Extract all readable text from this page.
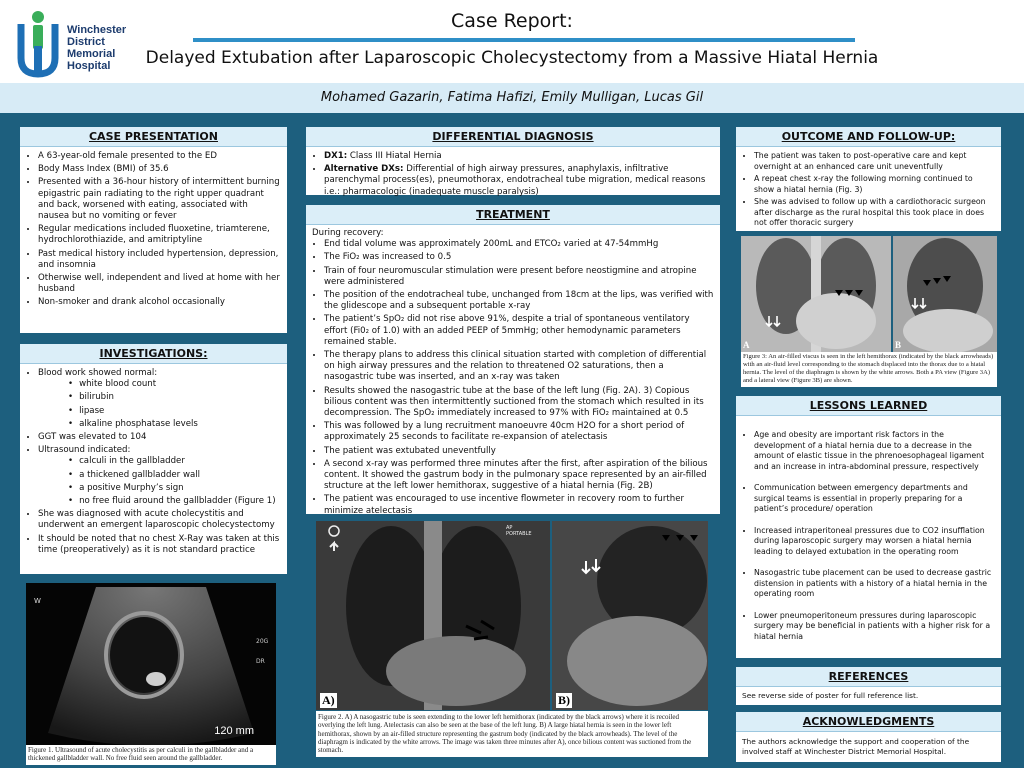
Winchester
District
Memorial
Hospital
Case Report:
Delayed Extubation after Laparoscopic Cholecystectomy from a Massive Hiatal Hernia
Mohamed Gazarin, Fatima Hafizi, Emily Mulligan, Lucas Gil
CASE PRESENTATION
• A 63-year-old female presented to the ED
• Body Mass Index (BMI) of 35.6
• Presented with a 36-hour history of intermittent burning epigastric pain radiating to the right upper quadrant and back, worsened with eating, associated with nausea but no vomiting or fever
• Regular medications included fluoxetine, triamterene, hydrochlorothiazide, and amitriptyline
• Past medical history included hypertension, depression, and insomnia
• Otherwise well, independent and lived at home with her husband
• Non-smoker and drank alcohol occasionally
INVESTIGATIONS:
• Blood work showed normal:
• white blood count
• bilirubin
• lipase
• alkaline phosphatase levels
• GGT was elevated to 104
• Ultrasound indicated:
• calculi in the gallbladder
• a thickened gallbladder wall
• a positive Murphy’s sign
• no free fluid around the gallbladder (Figure 1)
• She was diagnosed with acute cholecystitis and underwent an emergent laparoscopic cholecystectomy
• It should be noted that no chest X-Ray was taken at this time (preoperatively) as it is not standard practice
W
20G
DR
120 mm
Figure 1. Ultrasound of acute cholecystitis as per calculi in the gallbladder and a thickened gallbladder wall. No free fluid seen around the gallbladder.
DIFFERENTIAL DIAGNOSIS
• DX1: Class III Hiatal Hernia
• Alternative DXs: Differential of high airway pressures, anaphylaxis, infiltrative parenchymal process(es), pneumothorax, endotracheal tube migration, medical reasons i.e.: pharmacologic (inadequate muscle paralysis)
TREATMENT
During recovery:
• End tidal volume was approximately 200mL and ETCO₂ varied at 47-54mmHg
• The FiO₂ was increased to 0.5
• Train of four neuromuscular stimulation were present before neostigmine and atropine were administered
• The position of the endotracheal tube, unchanged from 18cm at the lips, was verified with the glidescope and a subsequent portable x-ray
• The patient’s SpO₂ did not rise above 91%, despite a trial of spontaneous ventilatory effort (Fi0₂ of 1.0) with an added PEEP of 5mmHg; other hemodynamic parameters remained stable.
• The therapy plans to address this clinical situation started with completion of differential on high airway pressures and the relation to threatened O2 saturations, then a nasogastric tube was inserted, and an x-ray was taken
• Results showed the nasogastric tube at the base of the left lung (Fig. 2A). 3) Copious bilious content was then intermittently suctioned from the stomach which resulted in its decompression. The SpO₂ immediately increased to 97% with FiO₂ maintained at 0.5
• This was followed by a lung recruitment manoeuvre 40cm H2O for a short period of approximately 25 seconds to facilitate re-expansion of atelectasis
• The patient was extubated uneventfully
• A second x-ray was performed three minutes after the first, after aspiration of the bilious content. It showed the gastrum body in the pulmonary space represented by an air-filled structure at the left lower hemithorax, suggestive of a hiatal hernia (Fig. 2B)
• The patient was encouraged to use incentive flowmeter in recovery room to further minimize atelectasis
AP
PORTABLE
A)	B)
Figure 2. A) A nasogastric tube is seen extending to the lower left hemithorax (indicated by the black arrows) where it is recoiled overlying the left lung. Atelectasis can also be seen at the base of the left lung. B) A large hiatal hernia is seen in the lower left hemithorax, shown by an air-filled structure representing the gastrum body (indicated by the black arrowheads). The level of the diaphragm is indicated by the white arrows. The image was taken three minutes after A), once bilious content was suctioned from the stomach.
OUTCOME AND FOLLOW-UP:
• The patient was taken to post-operative care and kept overnight at an enhanced care unit uneventfully
• A repeat chest x-ray the following morning continued to show a hiatal hernia (Fig. 3)
• She was advised to follow up with a cardiothoracic surgeon after discharge as the rural hospital this took place in does not offer thoracic surgery
A	B
Figure 3: An air-filled viscus is seen in the left hemithorax (indicated by the black arrowheads) with an air-fluid level corresponding to the stomach displaced into the thorax due to a hiatal hernia. The level of the diaphragm is shown by the white arrows. Both a PA view (Figure 3A) and a lateral view (Figure 3B) are shown.
LESSONS LEARNED
• Age and obesity are important risk factors in the development of a hiatal hernia due to a decrease in the amount of elastic tissue in the phrenoesophageal ligament and an increase in intra-abdominal pressure, respectively
• Communication between emergency departments and surgical teams is essential in properly preparing for a patient’s procedure/ operation
• Increased intraperitoneal pressures due to CO2 insufflation during laparoscopic surgery may worsen a hiatal hernia leading to delayed extubation in the operating room
• Nasogastric tube placement can be used to decrease gastric distension in patients with a history of a hiatal hernia in the operating room
• Lower pneumoperitoneum pressures during laparoscopic surgery may be beneficial in patients with a higher risk for a hiatal hernia
REFERENCES
See reverse side of poster for full reference list.
ACKNOWLEDGMENTS
The authors acknowledge the support and cooperation of the involved staff at Winchester District Memorial Hospital.
